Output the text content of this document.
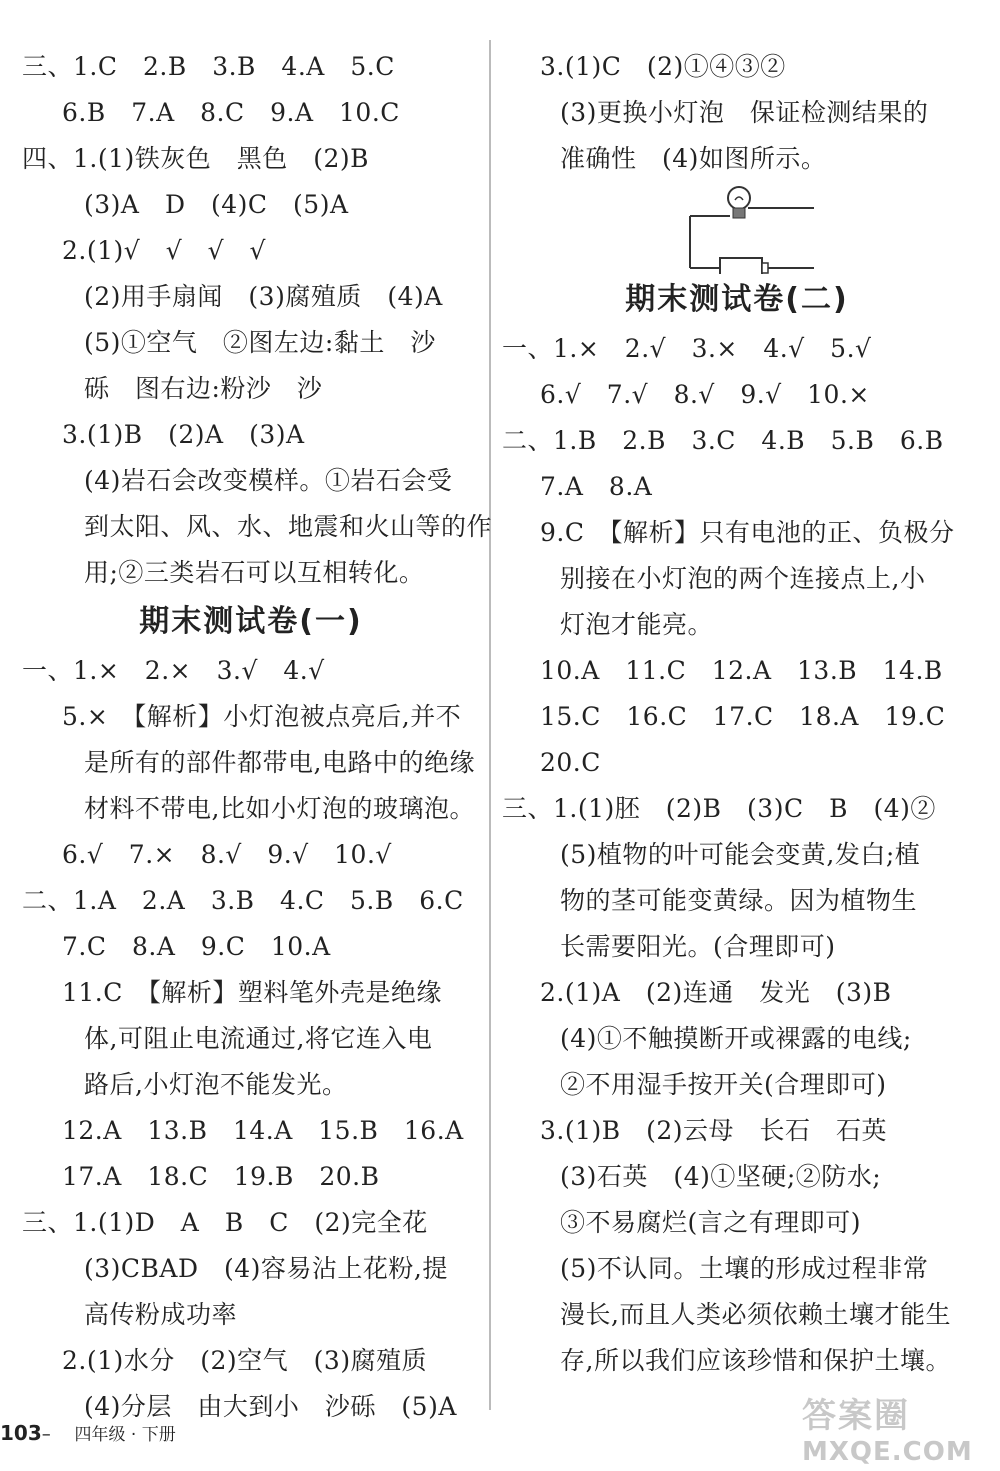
三、1.C　2.B　3.B　4.A　5.C
6.B　7.A　8.C　9.A　10.C
四、1.(1)铁灰色　黑色　(2)B
(3)A　D　(4)C　(5)A
2.(1)√　√　√　√
(2)用手扇闻　(3)腐殖质　(4)A
(5)①空气　②图左边:黏土　沙
砾　图右边:粉沙　沙
3.(1)B　(2)A　(3)A
(4)岩石会改变模样。①岩石会受
到太阳、风、水、地震和火山等的作
用;②三类岩石可以互相转化。
期末测试卷(一)
一、1.×　2.×　3.√　4.√
5.×　【解析】小灯泡被点亮后,并不
是所有的部件都带电,电路中的绝缘
材料不带电,比如小灯泡的玻璃泡。
6.√　7.×　8.√　9.√　10.√
二、1.A　2.A　3.B　4.C　5.B　6.C
7.C　8.A　9.C　10.A
11.C　【解析】塑料笔外壳是绝缘
体,可阻止电流通过,将它连入电
路后,小灯泡不能发光。
12.A　13.B　14.A　15.B　16.A
17.A　18.C　19.B　20.B
三、1.(1)D　A　B　C　(2)完全花
(3)CBAD　(4)容易沾上花粉,提
高传粉成功率
2.(1)水分　(2)空气　(3)腐殖质
(4)分层　由大到小　沙砾　(5)A
3.(1)C　(2)①④③②
(3)更换小灯泡　保证检测结果的
准确性　(4)如图所示。
期末测试卷(二)
一、1.×　2.√　3.×　4.√　5.√
6.√　7.√　8.√　9.√　10.×
二、1.B　2.B　3.C　4.B　5.B　6.B
7.A　8.A
9.C　【解析】只有电池的正、负极分
别接在小灯泡的两个连接点上,小
灯泡才能亮。
10.A　11.C　12.A　13.B　14.B
15.C　16.C　17.C　18.A　19.C
20.C
三、1.(1)胚　(2)B　(3)C　B　(4)②
(5)植物的叶可能会变黄,发白;植
物的茎可能变黄绿。因为植物生
长需要阳光。(合理即可)
2.(1)A　(2)连通　发光　(3)B
(4)①不触摸断开或裸露的电线;
②不用湿手按开关(合理即可)
3.(1)B　(2)云母　长石　石英
(3)石英　(4)①坚硬;②防水;
③不易腐烂(言之有理即可)
(5)不认同。土壤的形成过程非常
漫长,而且人类必须依赖土壤才能生
存,所以我们应该珍惜和保护土壤。
103– 四年级 · 下册	答案圈
MXQE.COM
